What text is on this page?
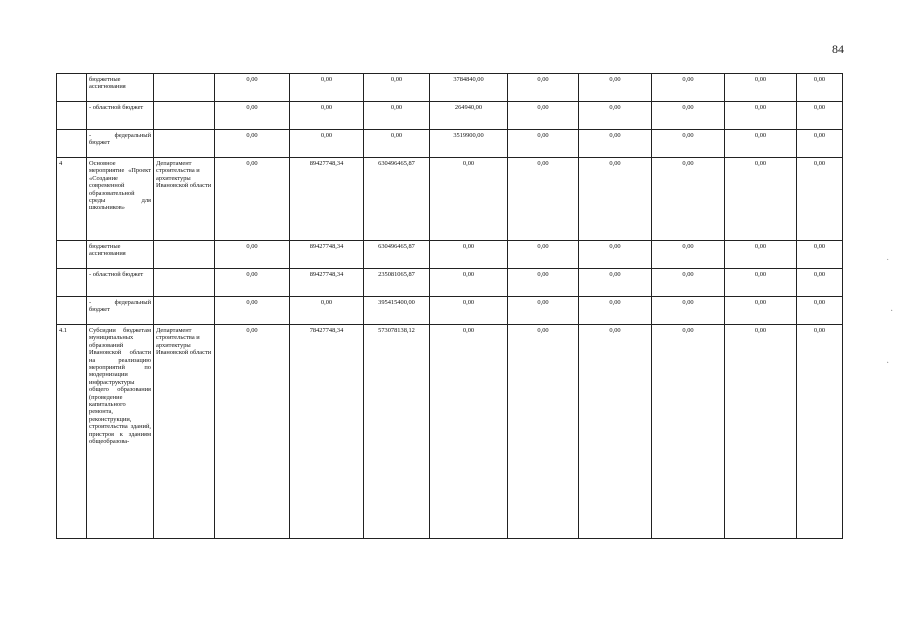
84
	бюджетные ассигнования		0,00	0,00	0,00	3784840,00	0,00	0,00	0,00	0,00	0,00
	- областной бюджет		0,00	0,00	0,00	264940,00	0,00	0,00	0,00	0,00	0,00
	- федеральный бюджет		0,00	0,00	0,00	3519900,00	0,00	0,00	0,00	0,00	0,00
4	Основное мероприятие «Проект «Создание современной образовательной среды для школьников»	Департамент строительства и архитектуры Ивановской области	0,00	89427748,34	630496465,87	0,00	0,00	0,00	0,00	0,00	0,00
	бюджетные ассигнования		0,00	89427748,34	630496465,87	0,00	0,00	0,00	0,00	0,00	0,00
	- областной бюджет		0,00	89427748,34	235081065,87	0,00	0,00	0,00	0,00	0,00	0,00
	- федеральный бюджет		0,00	0,00	395415400,00	0,00	0,00	0,00	0,00	0,00	0,00
4.1	Субсидии бюджетам муниципальных образований Ивановской области на реализацию мероприятий по модернизации инфраструктуры общего образования (проведение капитального ремонта, реконструкции, строительства зданий, пристроя к зданиям общеобразова-	Департамент строительства и архитектуры Ивановской области	0,00	78427748,34	573078138,12	0,00	0,00	0,00	0,00	0,00	0,00
˙
·
·
